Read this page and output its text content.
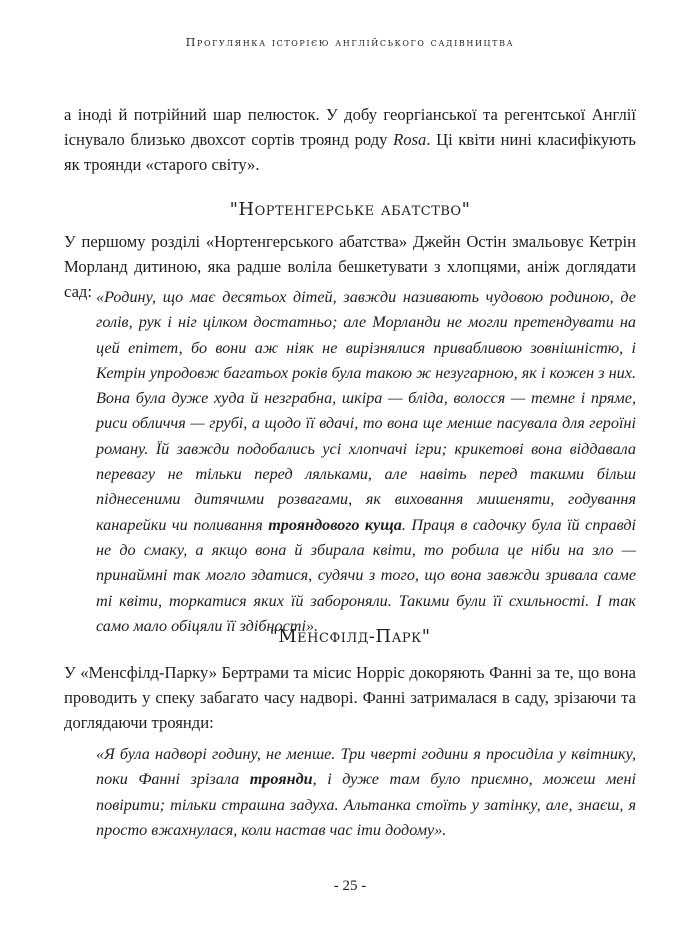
Прогулянка історією англійського садівництва

а іноді й потрійний шар пелюсток. У добу георгіанської та регентської Англії існувало близько двохсот сортів троянд роду Rosa. Ці квіти нині класифікують як троянди «старого світу».

"Нортенгерське абатство"

У першому розділі «Нортенгерського абатства» Джейн Остін змальовує Кетрін Морланд дитиною, яка радше воліла бешкетувати з хлопцями, аніж доглядати сад: «Родину, що має десятьох дітей, завжди називають чудовою родиною, де голів, рук і ніг цілком достатньо; але Морланди не могли претендувати на цей епітет, бо вони аж ніяк не вирізнялися привабливою зовнішністю, і Кетрін упродовж багатьох років була такою ж незугарною, як і кожен з них. Вона була дуже худа й незграбна, шкіра — бліда, волосся — темне і пряме, риси обличчя — грубі, а щодо її вдачі, то вона ще менше пасувала для героїні роману. Їй завжди подобались усі хлопчачі ігри; крикетові вона віддавала перевагу не тільки перед ляльками, але навіть перед такими більш піднесеними дитячими розвагами, як виховання мишеняти, годування канарейки чи поливання трояндового куща. Праця в садочку була їй справді не до смаку, а якщо вона й збирала квіти, то робила це ніби на зло — принаймні так могло здатися, судячи з того, що вона завжди зривала саме ті квіти, торкатися яких їй забороняли. Такими були її схильності. І так само мало обіцяли її здібності».

"Менсфілд-Парк"

У «Менсфілд-Парку» Бертрами та місис Норріс докоряють Фанні за те, що вона проводить у спеку забагато часу надворі. Фанні затрималася в саду, зрізаючи та доглядаючи троянди:

«Я була надворі годину, не менше. Три чверті години я просиділа у квітнику, поки Фанні зрізала троянди, і дуже там було приємно, можеш мені повірити; тільки страшна задуха. Альтанка стоїть у затінку, але, знаєш, я просто вжахнулася, коли настав час іти додому».

- 25 -
